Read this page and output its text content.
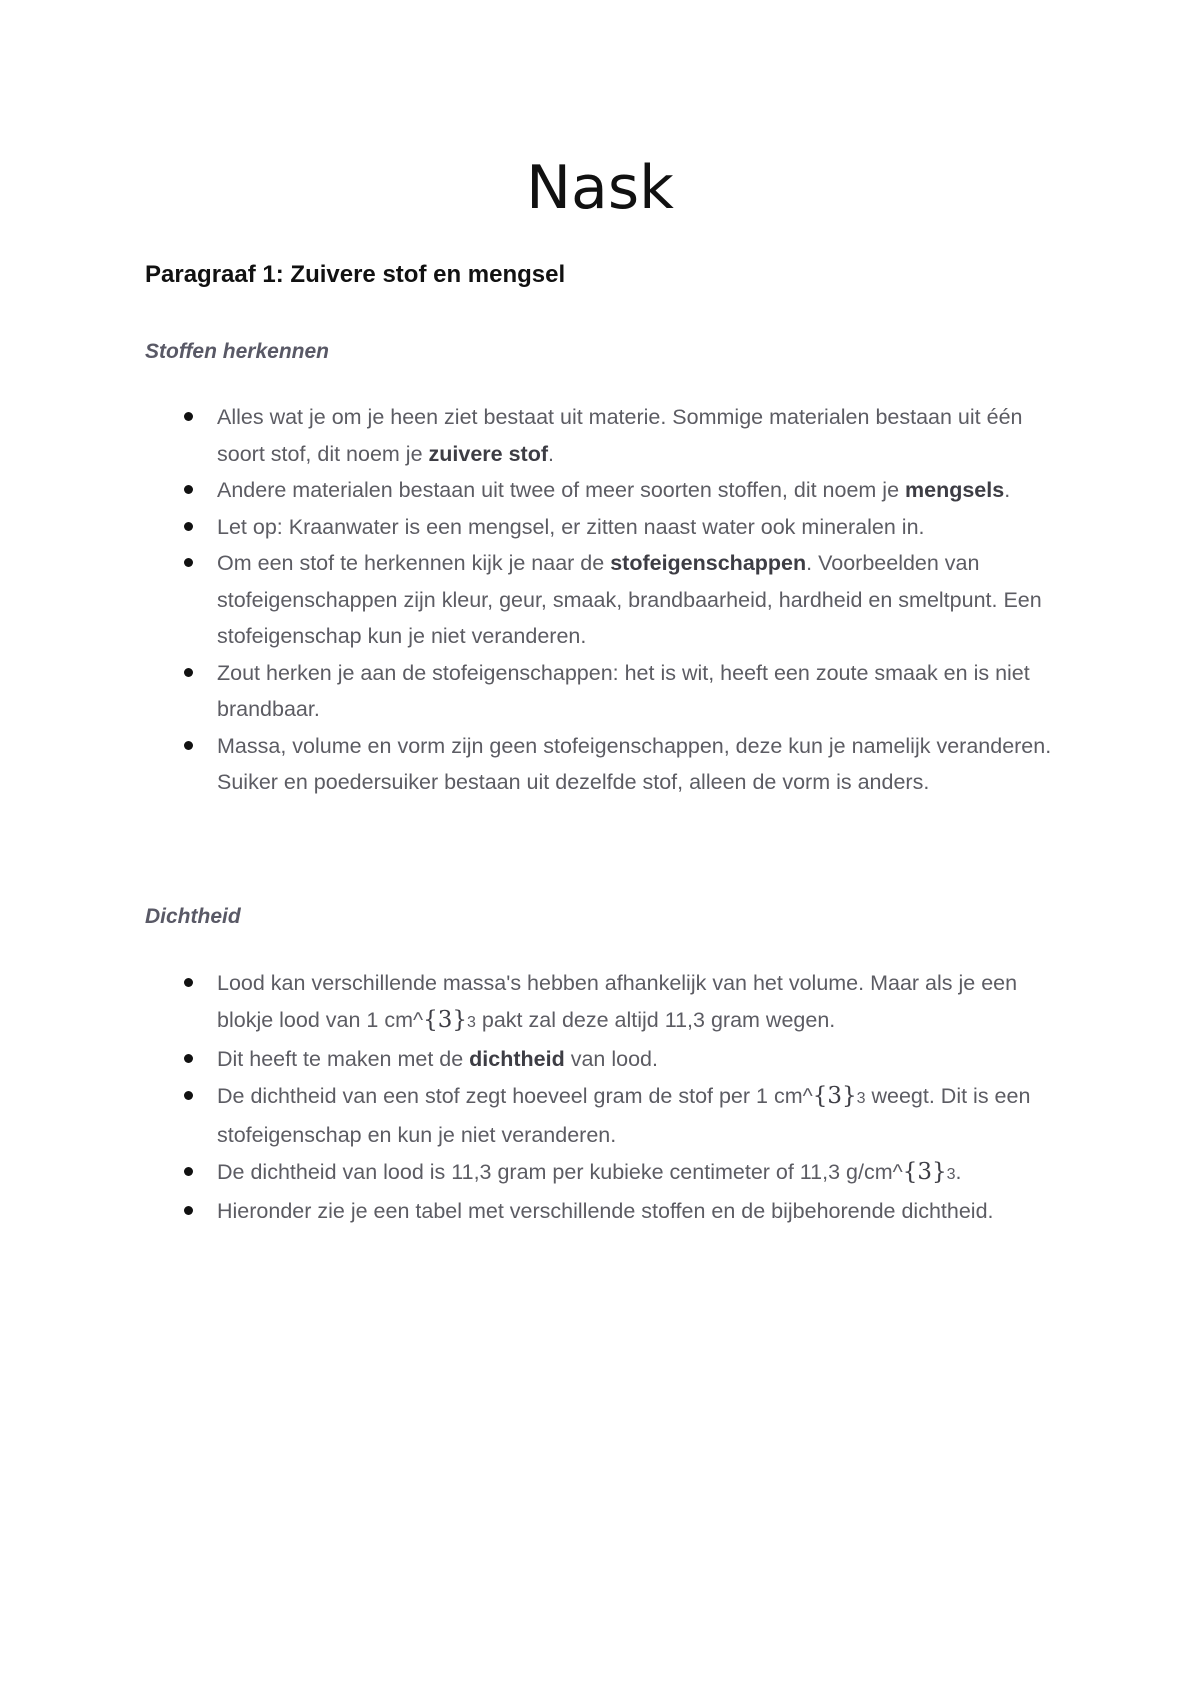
Nask
Paragraaf 1: Zuivere stof en mengsel
Stoffen herkennen
Alles wat je om je heen ziet bestaat uit materie. Sommige materialen bestaan uit één soort stof, dit noem je zuivere stof.
Andere materialen bestaan uit twee of meer soorten stoffen, dit noem je mengsels.
Let op: Kraanwater is een mengsel, er zitten naast water ook mineralen in.
Om een stof te herkennen kijk je naar de stofeigenschappen. Voorbeelden van stofeigenschappen zijn kleur, geur, smaak, brandbaarheid, hardheid en smeltpunt. Een stofeigenschap kun je niet veranderen.
Zout herken je aan de stofeigenschappen: het is wit, heeft een zoute smaak en is niet brandbaar.
Massa, volume en vorm zijn geen stofeigenschappen, deze kun je namelijk veranderen. Suiker en poedersuiker bestaan uit dezelfde stof, alleen de vorm is anders.
Dichtheid
Lood kan verschillende massa's hebben afhankelijk van het volume. Maar als je een blokje lood van 1 cm^{3}3 pakt zal deze altijd 11,3 gram wegen.
Dit heeft te maken met de dichtheid van lood.
De dichtheid van een stof zegt hoeveel gram de stof per 1 cm^{3}3 weegt. Dit is een stofeigenschap en kun je niet veranderen.
De dichtheid van lood is 11,3 gram per kubieke centimeter of 11,3 g/cm^{3}3.
Hieronder zie je een tabel met verschillende stoffen en de bijbehorende dichtheid.
